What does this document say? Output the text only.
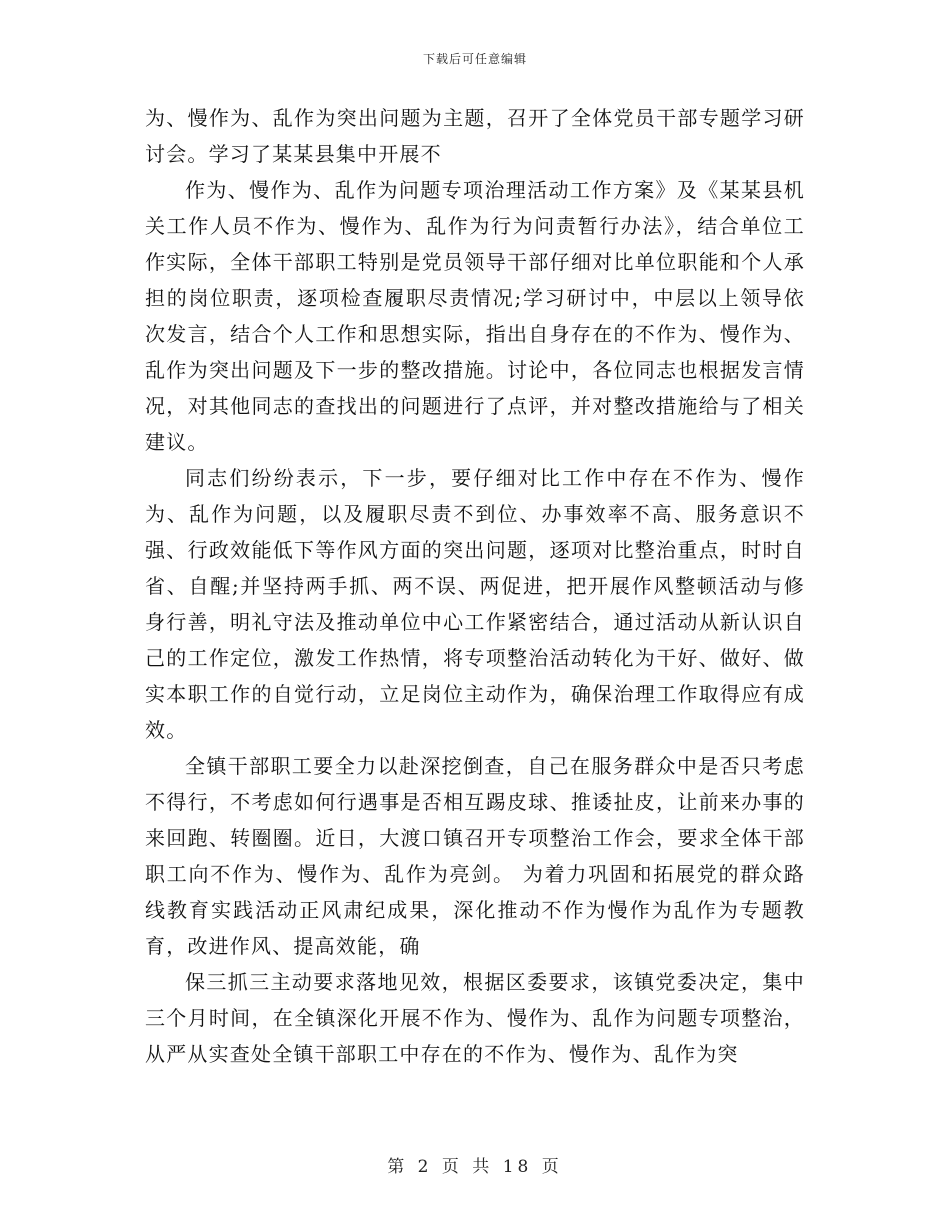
下载后可任意编辑

为、慢作为、乱作为突出问题为主题，召开了全体党员干部专题学习研讨会。学习了某某县集中开展不

作为、慢作为、乱作为问题专项治理活动工作方案》及《某某县机关工作人员不作为、慢作为、乱作为行为问责暂行办法》，结合单位工作实际，全体干部职工特别是党员领导干部仔细对比单位职能和个人承担的岗位职责，逐项检查履职尽责情况;学习研讨中，中层以上领导依次发言，结合个人工作和思想实际，指出自身存在的不作为、慢作为、乱作为突出问题及下一步的整改措施。讨论中，各位同志也根据发言情况，对其他同志的查找出的问题进行了点评，并对整改措施给与了相关建议。

同志们纷纷表示，下一步，要仔细对比工作中存在不作为、慢作为、乱作为问题，以及履职尽责不到位、办事效率不高、服务意识不强、行政效能低下等作风方面的突出问题，逐项对比整治重点，时时自省、自醒;并坚持两手抓、两不误、两促进，把开展作风整顿活动与修身行善，明礼守法及推动单位中心工作紧密结合，通过活动从新认识自己的工作定位，激发工作热情，将专项整治活动转化为干好、做好、做实本职工作的自觉行动，立足岗位主动作为，确保治理工作取得应有成效。

全镇干部职工要全力以赴深挖倒查，自己在服务群众中是否只考虑不得行，不考虑如何行遇事是否相互踢皮球、推诿扯皮，让前来办事的来回跑、转圈圈。近日，大渡口镇召开专项整治工作会，要求全体干部职工向不作为、慢作为、乱作为亮剑。 为着力巩固和拓展党的群众路线教育实践活动正风肃纪成果，深化推动不作为慢作为乱作为专题教育，改进作风、提高效能，确

保三抓三主动要求落地见效，根据区委要求，该镇党委决定，集中三个月时间，在全镇深化开展不作为、慢作为、乱作为问题专项整治，从严从实查处全镇干部职工中存在的不作为、慢作为、乱作为突

第 2 页 共 18 页
